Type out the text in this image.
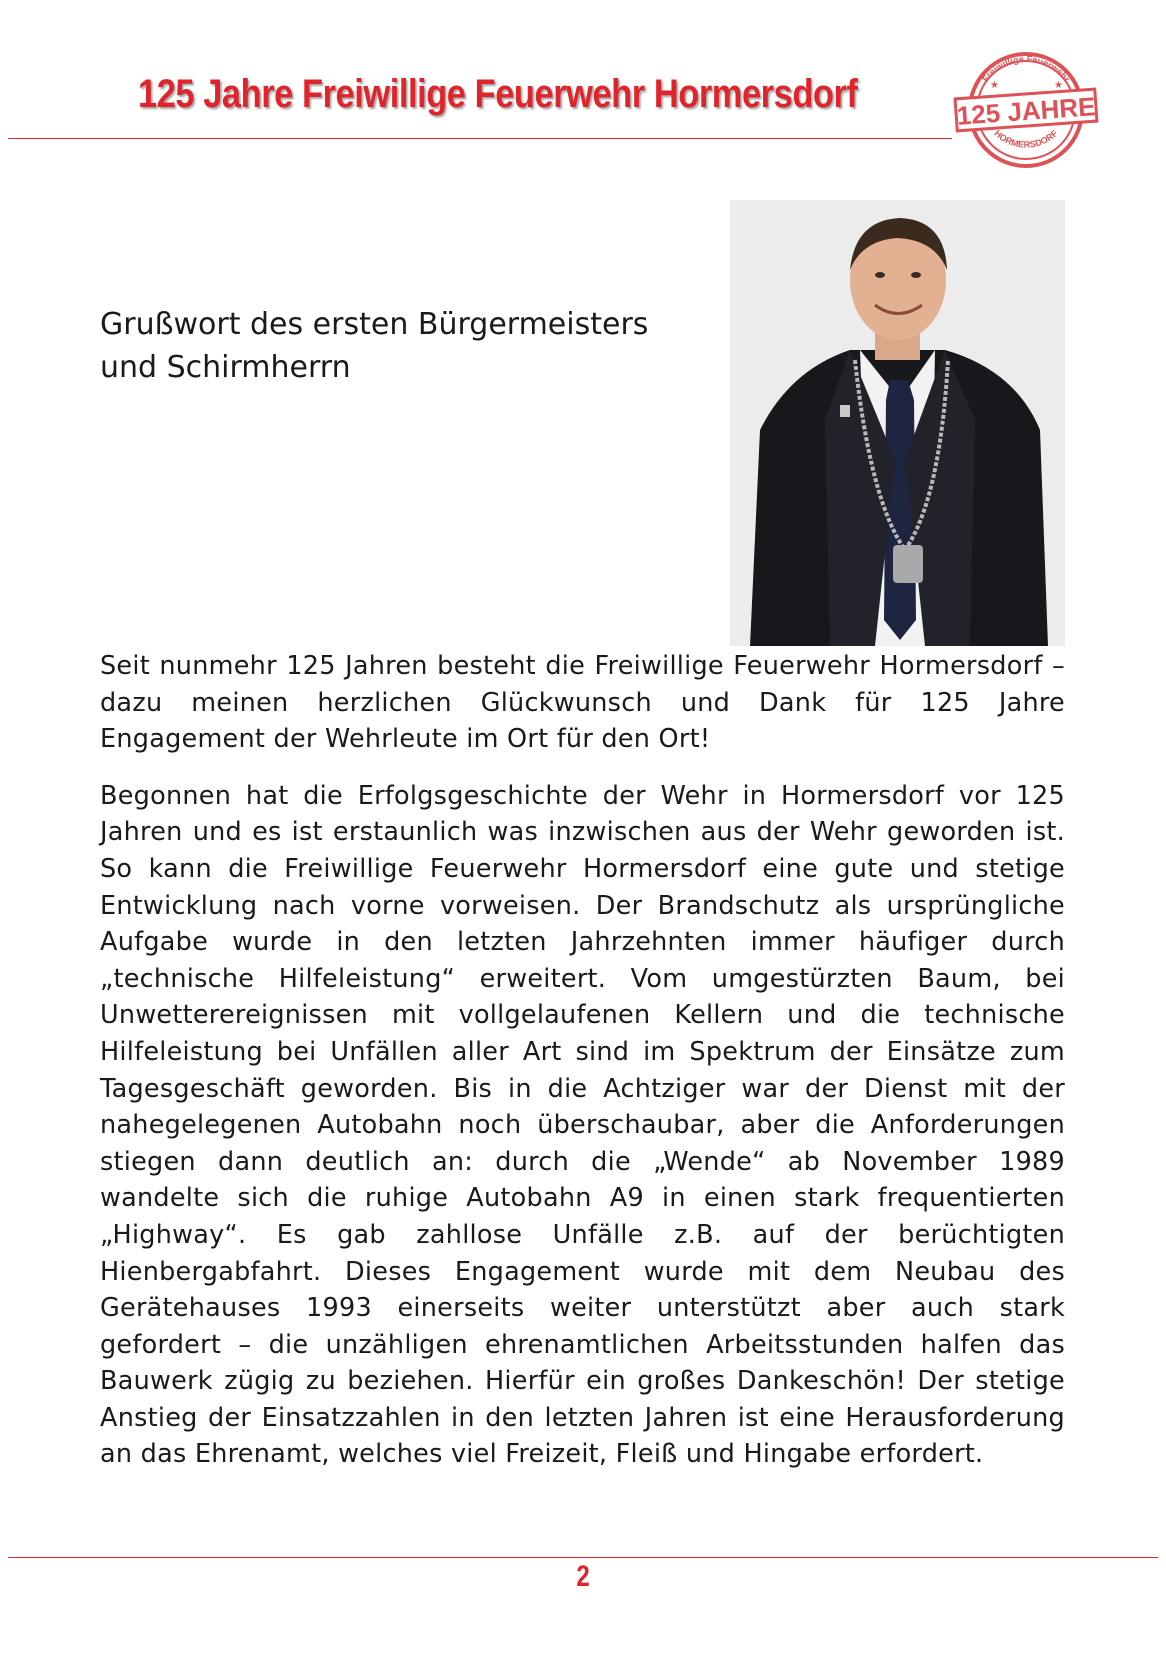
125 Jahre Freiwillige Feuerwehr Hormersdorf	Freiwillige Feuerwehr
125 JAHRE
HORMERSDORF
★	★
Grußwort des ersten Bürgermeisters
und Schirmherrn

Seit nunmehr 125 Jahren besteht die Freiwillige Feuerwehr Hormersdorf – dazu meinen herzlichen Glückwunsch und Dank für 125 Jahre Engagement der Wehrleute im Ort für den Ort!

Begonnen hat die Erfolgsgeschichte der Wehr in Hormersdorf vor 125 Jahren und es ist erstaunlich was inzwischen aus der Wehr geworden ist. So kann die Freiwillige Feuerwehr Hormersdorf eine gute und stetige Entwicklung nach vorne vorweisen. Der Brandschutz als ursprüngliche Aufgabe wurde in den letzten Jahrzehnten immer häufiger durch „technische Hilfeleistung“ erweitert. Vom umgestürzten Baum, bei Unwetterereignissen mit vollgelaufenen Kellern und die technische Hilfeleistung bei Unfällen aller Art sind im Spektrum der Einsätze zum Tagesgeschäft geworden. Bis in die Achtziger war der Dienst mit der nahegelegenen Autobahn noch überschaubar, aber die Anforderungen stiegen dann deutlich an: durch die „Wende“ ab November 1989 wandelte sich die ruhige Autobahn A9 in einen stark frequentierten „Highway“. Es gab zahllose Unfälle z.B. auf der berüchtigten Hienbergabfahrt. Dieses Engagement wurde mit dem Neubau des Gerätehauses 1993 einerseits weiter unterstützt aber auch stark gefordert – die unzähligen ehrenamtlichen Arbeitsstunden halfen das Bauwerk zügig zu beziehen. Hierfür ein großes Dankeschön! Der stetige Anstieg der Einsatzzahlen in den letzten Jahren ist eine Herausforderung an das Ehrenamt, welches viel Freizeit, Fleiß und Hingabe erfordert.

2
